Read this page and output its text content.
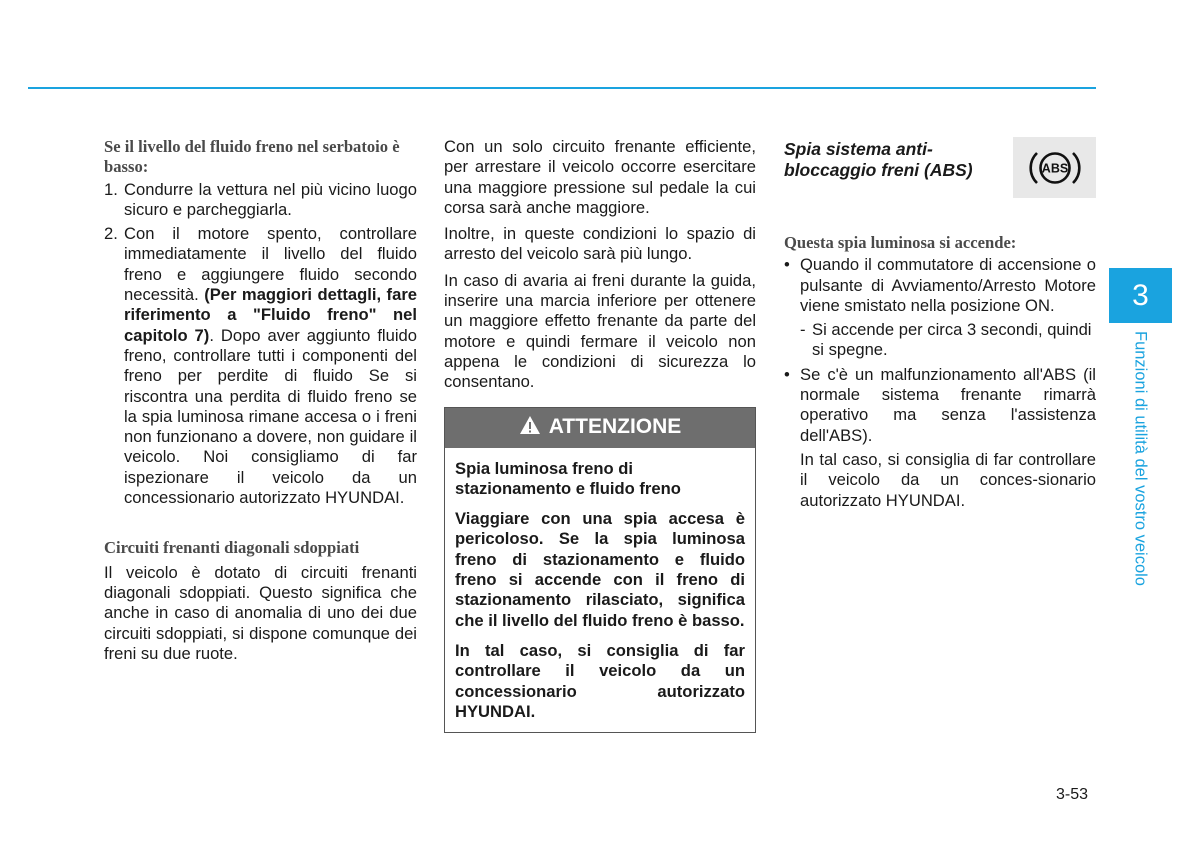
Se il livello del fluido freno nel serbatoio è basso:
1. Condurre la vettura nel più vicino luogo sicuro e parcheggiarla.
2. Con il motore spento, controllare immediatamente il livello del fluido freno e aggiungere fluido secondo necessità. (Per maggiori dettagli, fare riferimento a "Fluido freno" nel capitolo 7). Dopo aver aggiunto fluido freno, controllare tutti i componenti del freno per perdite di fluido Se si riscontra una perdita di fluido freno se la spia luminosa rimane accesa o i freni non funzionano a dovere, non guidare il veicolo. Noi consigliamo di far ispezionare il veicolo da un concessionario autorizzato HYUNDAI.
Circuiti frenanti diagonali sdoppiati

Il veicolo è dotato di circuiti frenanti diagonali sdoppiati. Questo significa che anche in caso di anomalia di uno dei due circuiti sdoppiati, si dispone comunque dei freni su due ruote.

Con un solo circuito frenante efficiente, per arrestare il veicolo occorre esercitare una maggiore pressione sul pedale la cui corsa sarà anche maggiore.

Inoltre, in queste condizioni lo spazio di arresto del veicolo sarà più lungo.

In caso di avaria ai freni durante la guida, inserire una marcia inferiore per ottenere un maggiore effetto frenante da parte del motore e quindi fermare il veicolo non appena le condizioni di sicurezza lo consentano.

ATTENZIONE

Spia luminosa freno di stazionamento e fluido freno

Viaggiare con una spia accesa è pericoloso. Se la spia luminosa freno di stazionamento e fluido freno si accende con il freno di stazionamento rilasciato, significa che il livello del fluido freno è basso.

In tal caso, si consiglia di far controllare il veicolo da un concessionario autorizzato HYUNDAI.

Spia sistema anti-bloccaggio freni (ABS)	ABS
Questa spia luminosa si accende:
• Quando il commutatore di accensione o pulsante di Avviamento/Arresto Motore viene smistato nella posizione ON.
- Si accende per circa 3 secondi, quindi si spegne.
• Se c'è un malfunzionamento all'ABS (il normale sistema frenante rimarrà operativo ma senza l'assistenza dell'ABS).

In tal caso, si consiglia di far controllare il veicolo da un conces-sionario autorizzato HYUNDAI.

3
Funzioni di utilità del vostro veicolo
3-53
